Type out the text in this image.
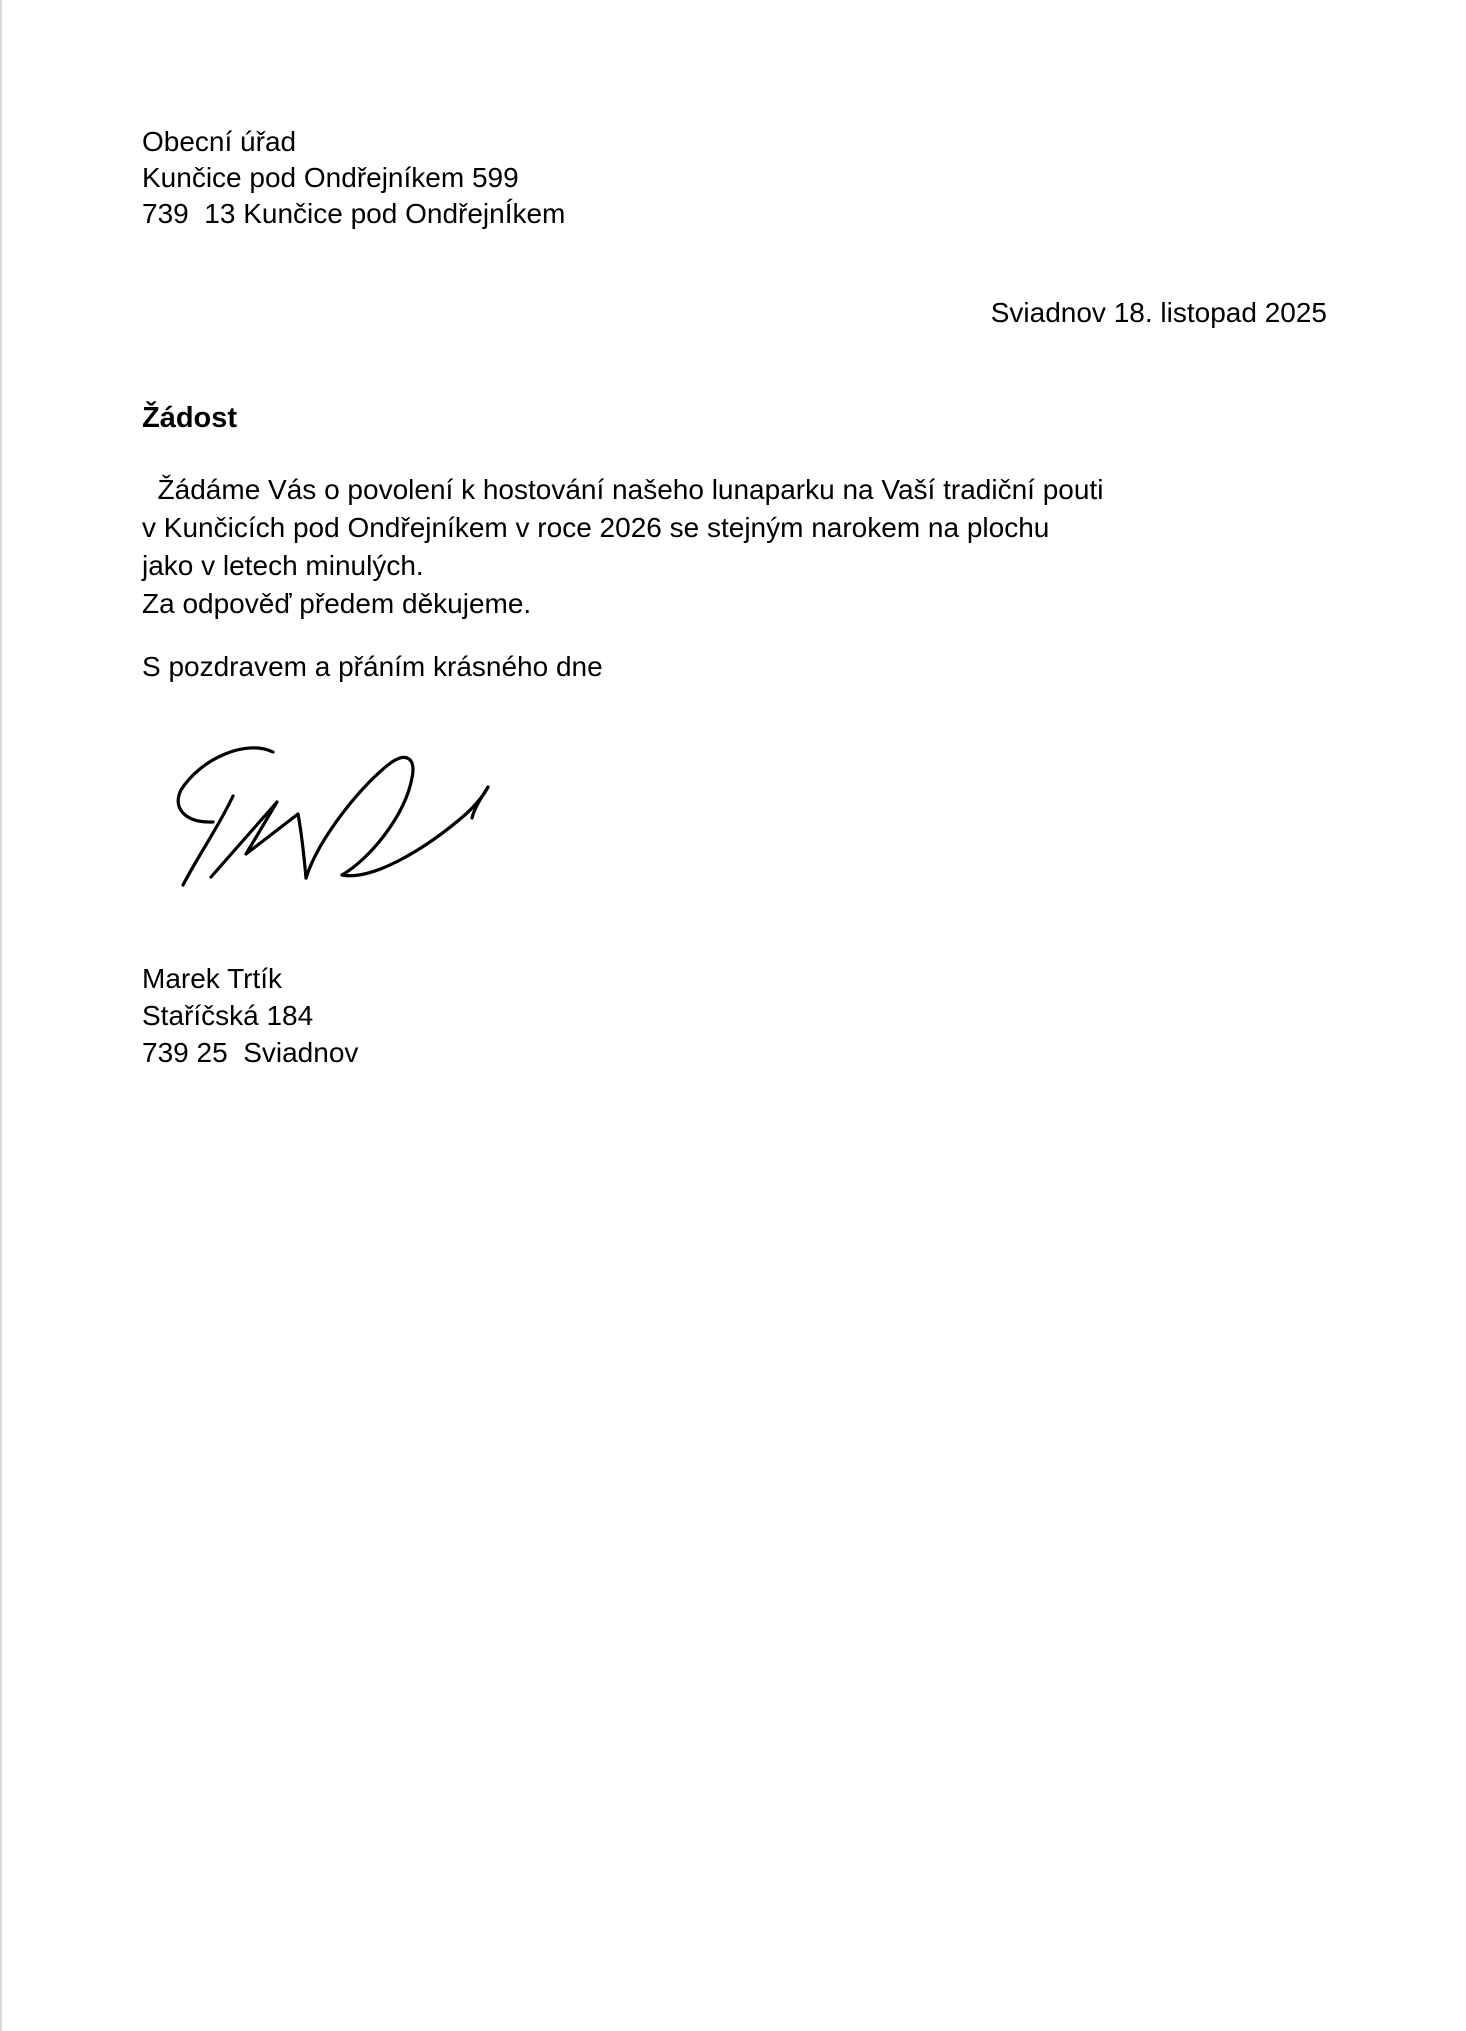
Obecní úřad
Kunčice pod Ondřejníkem 599
739  13 Kunčice pod OndřejnÍkem
Sviadnov 18. listopad 2025
Žádost
Žádáme Vás o povolení k hostování našeho lunaparku na Vaší tradiční pouti
v Kunčicích pod Ondřejníkem v roce 2026 se stejným narokem na plochu
jako v letech minulých.
Za odpověď předem děkujeme.
S pozdravem a přáním krásného dne
Marek Trtík
Staříčská 184
739 25  Sviadnov
